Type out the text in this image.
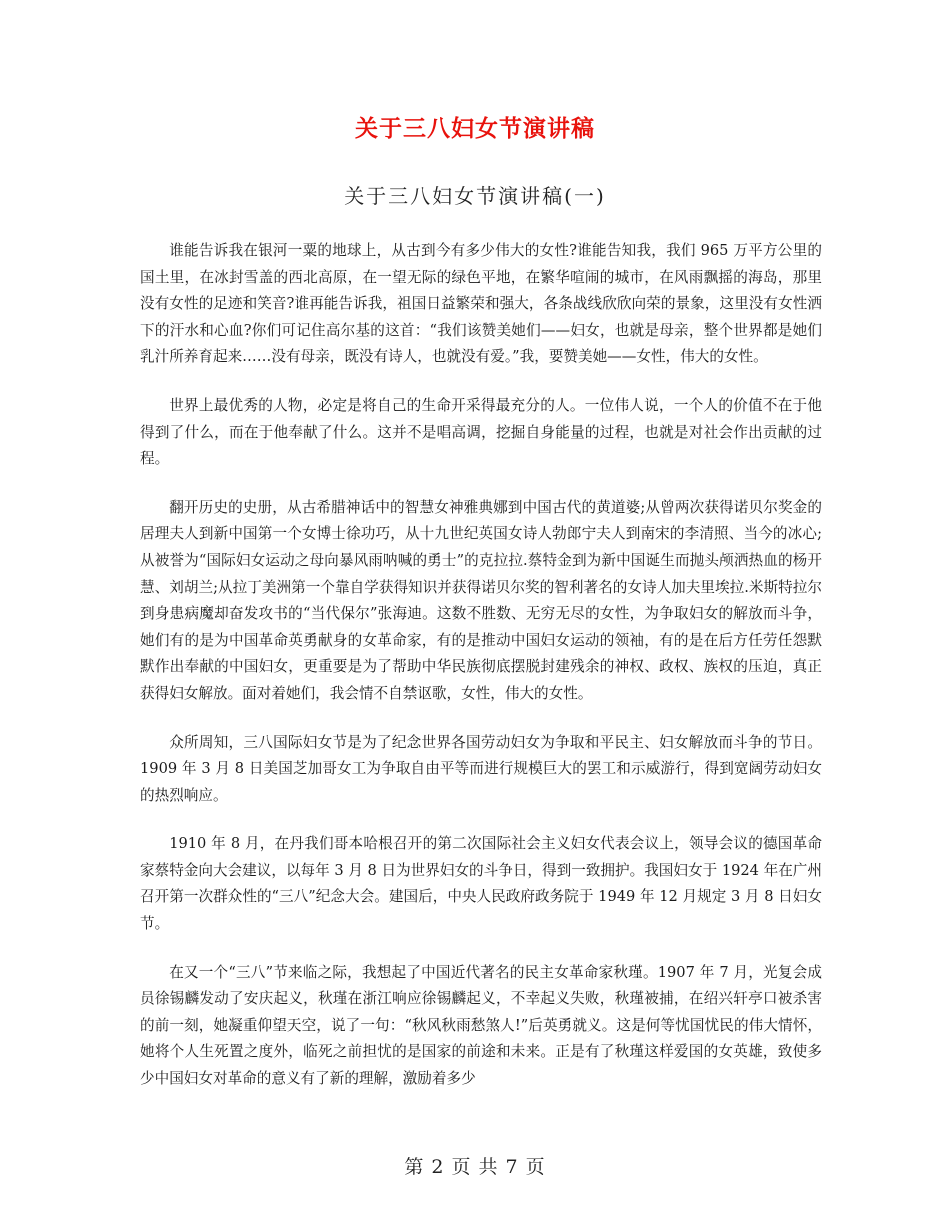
关于三八妇女节演讲稿
关于三八妇女节演讲稿(一)

谁能告诉我在银河一粟的地球上，从古到今有多少伟大的女性?谁能告知我，我们 965 万平方公里的国土里，在冰封雪盖的西北高原，在一望无际的绿色平地，在繁华喧闹的城市，在风雨飘摇的海岛，那里没有女性的足迹和笑音?谁再能告诉我，祖国日益繁荣和强大，各条战线欣欣向荣的景象，这里没有女性洒下的汗水和心血?你们可记住高尔基的这首：“我们该赞美她们——妇女，也就是母亲，整个世界都是她们乳汁所养育起来……没有母亲，既没有诗人，也就没有爱。”我，要赞美她——女性，伟大的女性。

世界上最优秀的人物，必定是将自己的生命开采得最充分的人。一位伟人说，一个人的价值不在于他得到了什么，而在于他奉献了什么。这并不是唱高调，挖掘自身能量的过程，也就是对社会作出贡献的过程。

翻开历史的史册，从古希腊神话中的智慧女神雅典娜到中国古代的黄道婆;从曾两次获得诺贝尔奖金的居理夫人到新中国第一个女博士徐功巧，从十九世纪英国女诗人勃郎宁夫人到南宋的李清照、当今的冰心;从被誉为“国际妇女运动之母向暴风雨呐喊的勇士”的克拉拉.蔡特金到为新中国诞生而抛头颅洒热血的杨开慧、刘胡兰;从拉丁美洲第一个靠自学获得知识并获得诺贝尔奖的智利著名的女诗人加夫里埃拉.米斯特拉尔到身患病魔却奋发攻书的“当代保尔”张海迪。这数不胜数、无穷无尽的女性，为争取妇女的解放而斗争，她们有的是为中国革命英勇献身的女革命家，有的是推动中国妇女运动的领袖，有的是在后方任劳任怨默默作出奉献的中国妇女，更重要是为了帮助中华民族彻底摆脱封建残余的神权、政权、族权的压迫，真正获得妇女解放。面对着她们，我会情不自禁讴歌，女性，伟大的女性。

众所周知，三八国际妇女节是为了纪念世界各国劳动妇女为争取和平民主、妇女解放而斗争的节日。1909 年 3 月 8 日美国芝加哥女工为争取自由平等而进行规模巨大的罢工和示威游行，得到宽阔劳动妇女的热烈响应。

1910 年 8 月，在丹我们哥本哈根召开的第二次国际社会主义妇女代表会议上，领导会议的德国革命家蔡特金向大会建议，以每年 3 月 8 日为世界妇女的斗争日，得到一致拥护。我国妇女于 1924 年在广州召开第一次群众性的“三八”纪念大会。建国后，中央人民政府政务院于 1949 年 12 月规定 3 月 8 日妇女节。

在又一个“三八”节来临之际，我想起了中国近代著名的民主女革命家秋瑾。1907 年 7 月，光复会成员徐锡麟发动了安庆起义，秋瑾在浙江响应徐锡麟起义，不幸起义失败，秋瑾被捕，在绍兴轩亭口被杀害的前一刻，她凝重仰望天空，说了一句：“秋风秋雨愁煞人!”后英勇就义。这是何等忧国忧民的伟大情怀，她将个人生死置之度外，临死之前担忧的是国家的前途和未来。正是有了秋瑾这样爱国的女英雄，致使多少中国妇女对革命的意义有了新的理解，激励着多少

第 2 页 共 7 页
